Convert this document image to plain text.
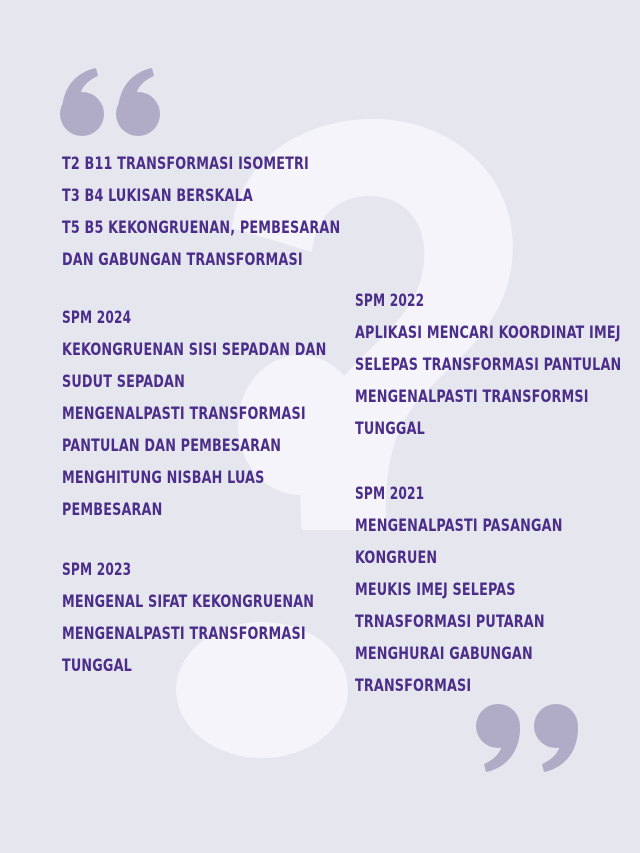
T2 B11 TRANSFORMASI ISOMETRI
T3 B4 LUKISAN BERSKALA
T5 B5 KEKONGRUENAN, PEMBESARAN
DAN GABUNGAN TRANSFORMASI
SPM 2024
KEKONGRUENAN SISI SEPADAN DAN
SUDUT SEPADAN
MENGENALPASTI TRANSFORMASI
PANTULAN DAN PEMBESARAN
MENGHITUNG NISBAH LUAS
PEMBESARAN
SPM 2023
MENGENAL SIFAT KEKONGRUENAN
MENGENALPASTI TRANSFORMASI
TUNGGAL
SPM 2022
APLIKASI MENCARI KOORDINAT IMEJ
SELEPAS TRANSFORMASI PANTULAN
MENGENALPASTI TRANSFORMSI
TUNGGAL
SPM 2021
MENGENALPASTI PASANGAN
KONGRUEN
MEUKIS IMEJ SELEPAS
TRNASFORMASI PUTARAN
MENGHURAI GABUNGAN
TRANSFORMASI
